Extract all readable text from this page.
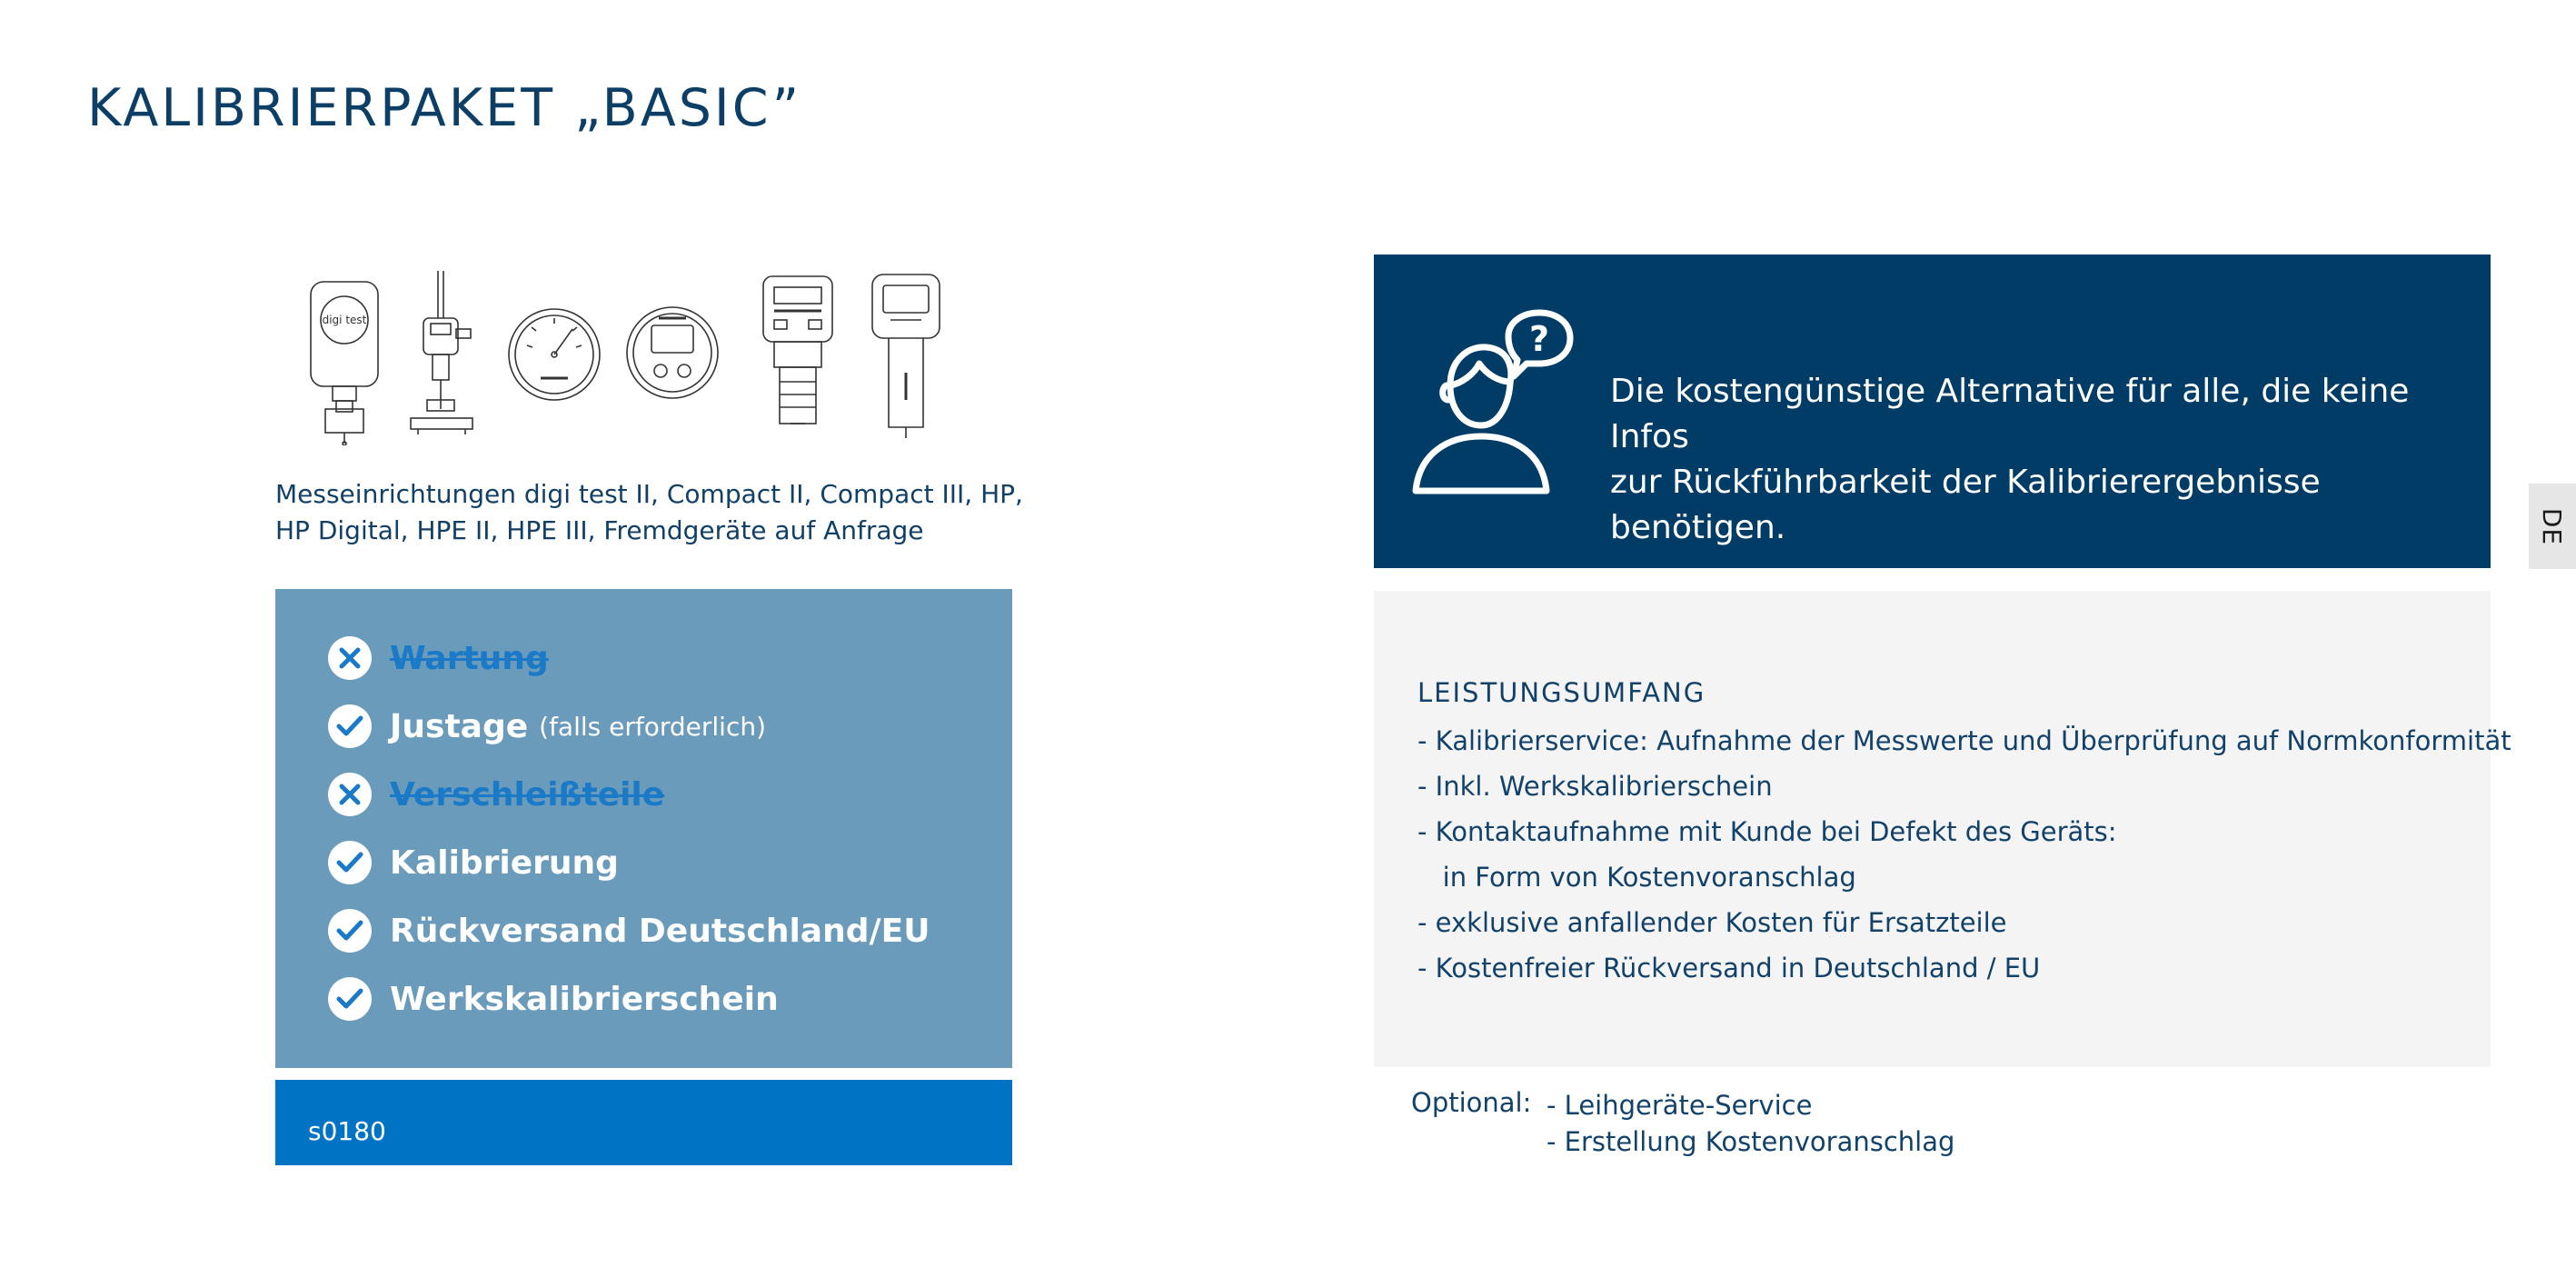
KALIBRIERPAKET „BASIC”
digi test
Messeinrichtungen digi test II, Compact II, Compact III, HP,
HP Digital, HPE II, HPE III, Fremdgeräte auf Anfrage
Wartung
Justage (falls erforderlich)
Verschleißteile
Kalibrierung
Rückversand Deutschland/EU
Werkskalibrierschein
s0180
?
Die kostengünstige Alternative für alle, die keine Infos
zur Rückführbarkeit der Kalibrierergebnisse benötigen.
LEISTUNGSUMFANG
- Kalibrierservice: Aufnahme der Messwerte und Überprüfung auf Normkonformität
- Inkl. Werkskalibrierschein
- Kontaktaufnahme mit Kunde bei Defekt des Geräts:
in Form von Kostenvoranschlag
- exklusive anfallender Kosten für Ersatzteile
- Kostenfreier Rückversand in Deutschland / EU
Optional: - Leihgeräte-Service
- Erstellung Kostenvoranschlag
DE
